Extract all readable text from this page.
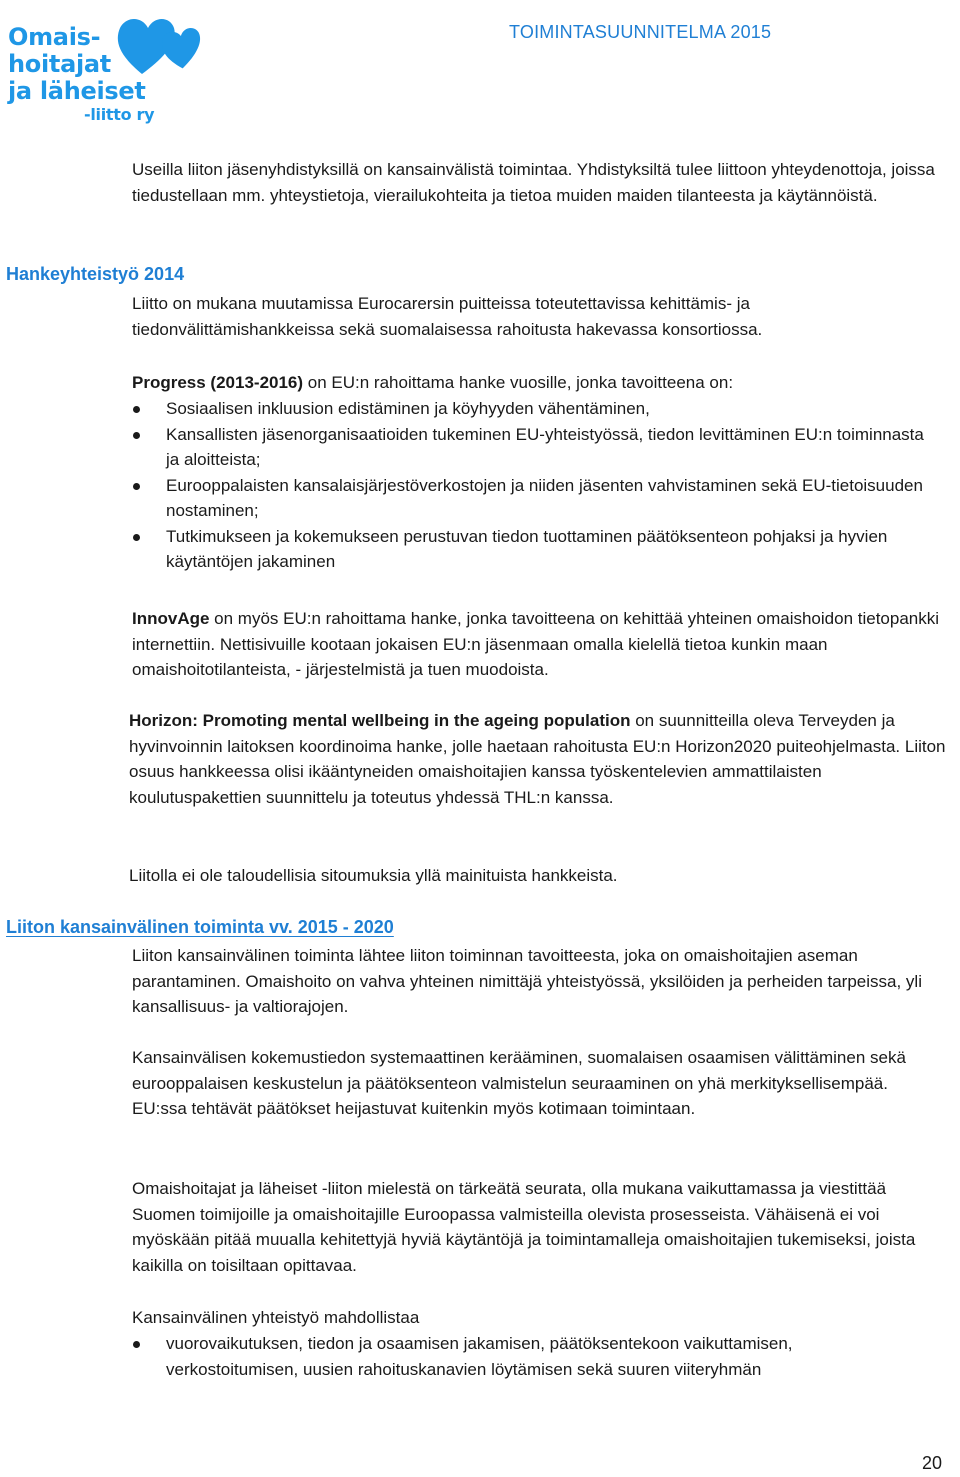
Omais-
hoitajat
ja läheiset
-liitto ry
TOIMINTASUUNNITELMA 2015
Useilla liiton jäsenyhdistyksillä on kansainvälistä toimintaa. Yhdistyksiltä tulee liittoon yhteydenottoja, joissa tiedustellaan mm. yhteystietoja, vierailukohteita ja tietoa muiden maiden tilanteesta ja käytännöistä.
Hankeyhteistyö 2014
Liitto on mukana muutamissa Eurocarersin puitteissa toteutettavissa kehittämis- ja tiedonvälittämishankkeissa sekä suomalaisessa rahoitusta hakevassa konsortiossa.
Progress (2013-2016) on EU:n rahoittama hanke vuosille, jonka tavoitteena on:
Sosiaalisen inkluusion edistäminen ja köyhyyden vähentäminen,
Kansallisten jäsenorganisaatioiden tukeminen EU-yhteistyössä, tiedon levittäminen EU:n toiminnasta ja aloitteista;
Eurooppalaisten kansalaisjärjestöverkostojen ja niiden jäsenten vahvistaminen sekä EU-tietoisuuden nostaminen;
Tutkimukseen ja kokemukseen perustuvan tiedon tuottaminen päätöksenteon pohjaksi ja hyvien käytäntöjen jakaminen
InnovAge on myös EU:n rahoittama hanke, jonka tavoitteena on kehittää yhteinen omaishoidon tietopankki internettiin. Nettisivuille kootaan jokaisen EU:n jäsenmaan omalla kielellä tietoa kunkin maan omaishoitotilanteista, - järjestelmistä ja tuen muodoista.
Horizon: Promoting mental wellbeing in the ageing population on suunnitteilla oleva Terveyden ja hyvinvoinnin laitoksen koordinoima hanke, jolle haetaan rahoitusta EU:n Horizon2020 puiteohjelmasta. Liiton osuus hankkeessa olisi ikääntyneiden omaishoitajien kanssa työskentelevien ammattilaisten koulutuspakettien suunnittelu ja toteutus yhdessä THL:n kanssa.
Liitolla ei ole taloudellisia sitoumuksia yllä mainituista hankkeista.
Liiton kansainvälinen toiminta vv. 2015 - 2020
Liiton kansainvälinen toiminta lähtee liiton toiminnan tavoitteesta, joka on omaishoitajien aseman parantaminen. Omaishoito on vahva yhteinen nimittäjä yhteistyössä, yksilöiden ja perheiden tarpeissa, yli kansallisuus- ja valtiorajojen.
Kansainvälisen kokemustiedon systemaattinen kerääminen, suomalaisen osaamisen välittäminen sekä eurooppalaisen keskustelun ja päätöksenteon valmistelun seuraaminen on yhä merkityksellisempää. EU:ssa tehtävät päätökset heijastuvat kuitenkin myös kotimaan toimintaan.
Omaishoitajat ja läheiset -liiton mielestä on tärkeätä seurata, olla mukana vaikuttamassa ja viestittää Suomen toimijoille ja omaishoitajille Euroopassa valmisteilla olevista prosesseista. Vähäisenä ei voi myöskään pitää muualla kehitettyjä hyviä käytäntöjä ja toimintamalleja omaishoitajien tukemiseksi, joista kaikilla on toisiltaan opittavaa.
Kansainvälinen yhteistyö mahdollistaa
vuorovaikutuksen, tiedon ja osaamisen jakamisen, päätöksentekoon vaikuttamisen, verkostoitumisen, uusien rahoituskanavien löytämisen sekä suuren viiteryhmän
20
